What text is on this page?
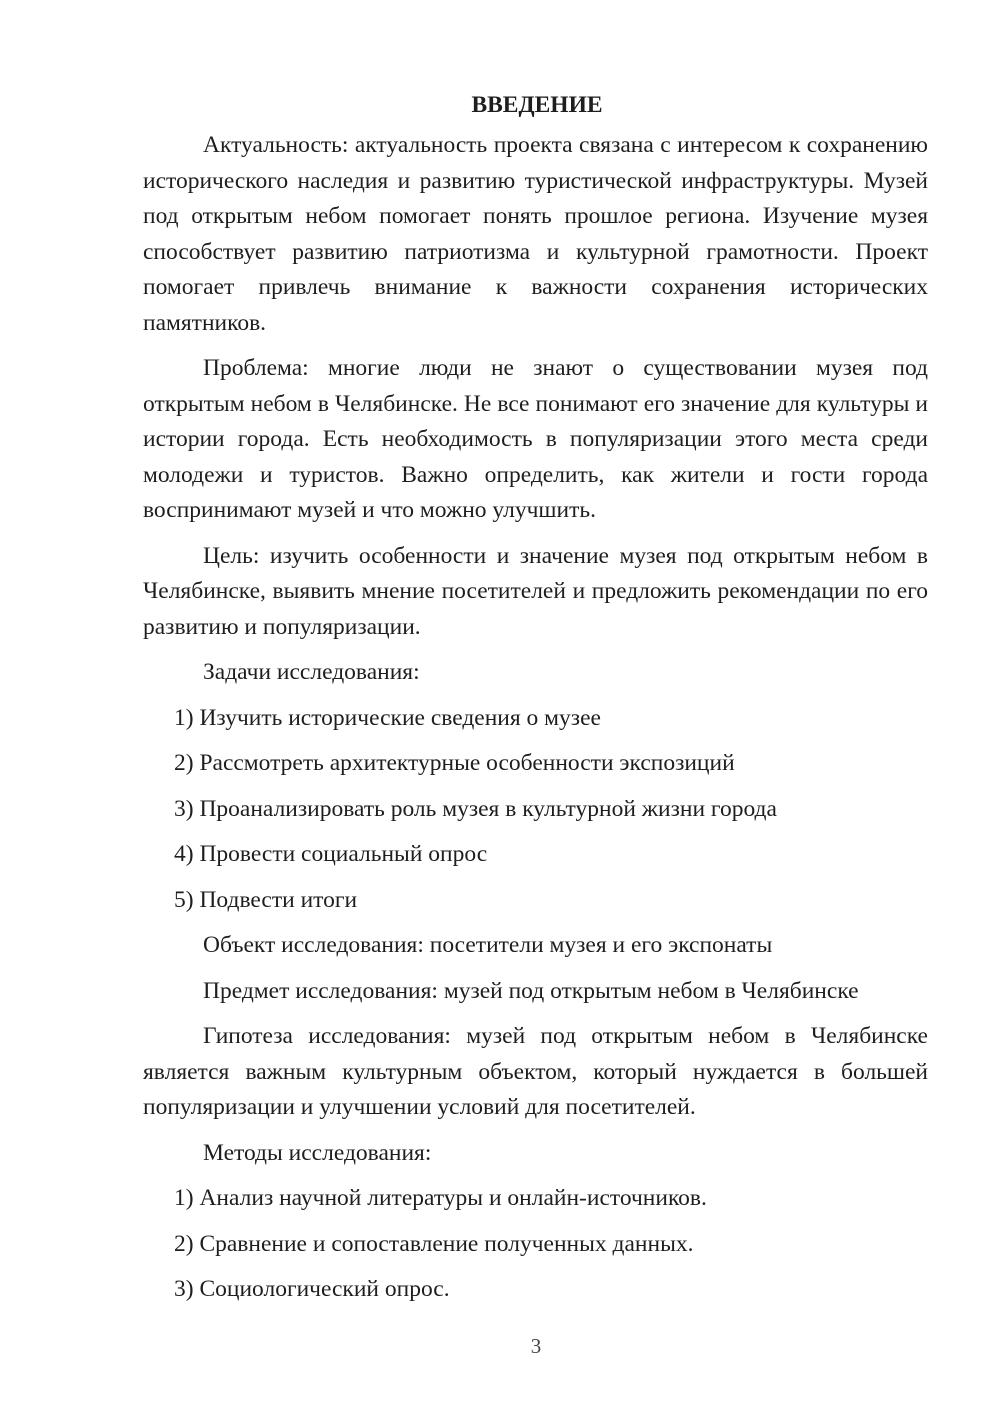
ВВЕДЕНИЕ

Актуальность: актуальность проекта связана с интересом к сохранению исторического наследия и развитию туристической инфраструктуры. Музей под открытым небом помогает понять прошлое региона. Изучение музея способствует развитию патриотизма и культурной грамотности. Проект помогает привлечь внимание к важности сохранения исторических памятников.

Проблема: многие люди не знают о существовании музея под открытым небом в Челябинске. Не все понимают его значение для культуры и истории города. Есть необходимость в популяризации этого места среди молодежи и туристов. Важно определить, как жители и гости города воспринимают музей и что можно улучшить.

Цель: изучить особенности и значение музея под открытым небом в Челябинске, выявить мнение посетителей и предложить рекомендации по его развитию и популяризации.

Задачи исследования:
1) Изучить исторические сведения о музее
2) Рассмотреть архитектурные особенности экспозиций
3) Проанализировать роль музея в культурной жизни города
4) Провести социальный опрос
5) Подвести итоги
Объект исследования: посетители музея и его экспонаты
Предмет исследования: музей под открытым небом в Челябинске

Гипотеза исследования: музей под открытым небом в Челябинске является важным культурным объектом, который нуждается в большей популяризации и улучшении условий для посетителей.

Методы исследования:
1) Анализ научной литературы и онлайн-источников.
2) Сравнение и сопоставление полученных данных.
3) Социологический опрос.
3
